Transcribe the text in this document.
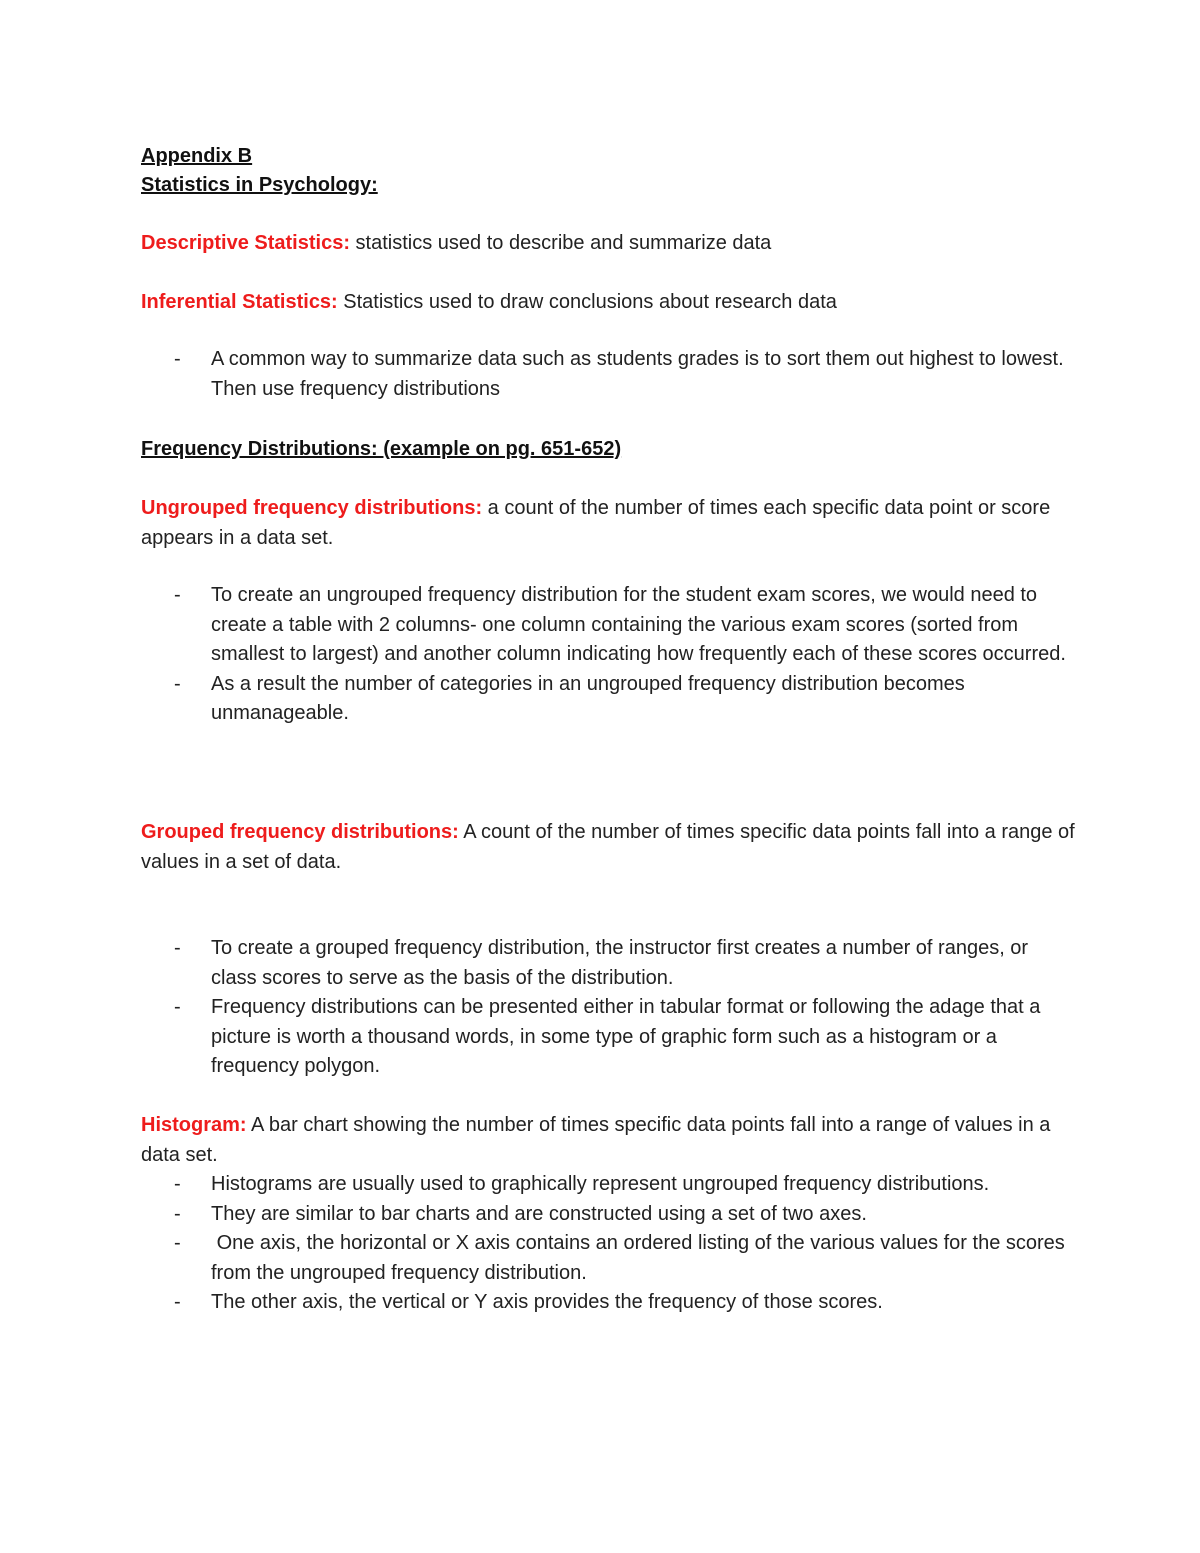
Appendix B

Statistics in Psychology:

Descriptive Statistics: statistics used to describe and summarize data

Inferential Statistics: Statistics used to draw conclusions about research data

- A common way to summarize data such as students grades is to sort them out highest to lowest. Then use frequency distributions

Frequency Distributions: (example on pg. 651-652)

Ungrouped frequency distributions: a count of the number of times each specific data point or score appears in a data set.

- To create an ungrouped frequency distribution for the student exam scores, we would need to create a table with 2 columns- one column containing the various exam scores (sorted from smallest to largest) and another column indicating how frequently each of these scores occurred.
- As a result the number of categories in an ungrouped frequency distribution becomes unmanageable.

Grouped frequency distributions: A count of the number of times specific data points fall into a range of values in a set of data.

- To create a grouped frequency distribution, the instructor first creates a number of ranges, or class scores to serve as the basis of the distribution.
- Frequency distributions can be presented either in tabular format or following the adage that a picture is worth a thousand words, in some type of graphic form such as a histogram or a frequency polygon.

Histogram: A bar chart showing the number of times specific data points fall into a range of values in a data set.

- Histograms are usually used to graphically represent ungrouped frequency distributions.
- They are similar to bar charts and are constructed using a set of two axes.
- One axis, the horizontal or X axis contains an ordered listing of the various values for the scores from the ungrouped frequency distribution.
- The other axis, the vertical or Y axis provides the frequency of those scores.
